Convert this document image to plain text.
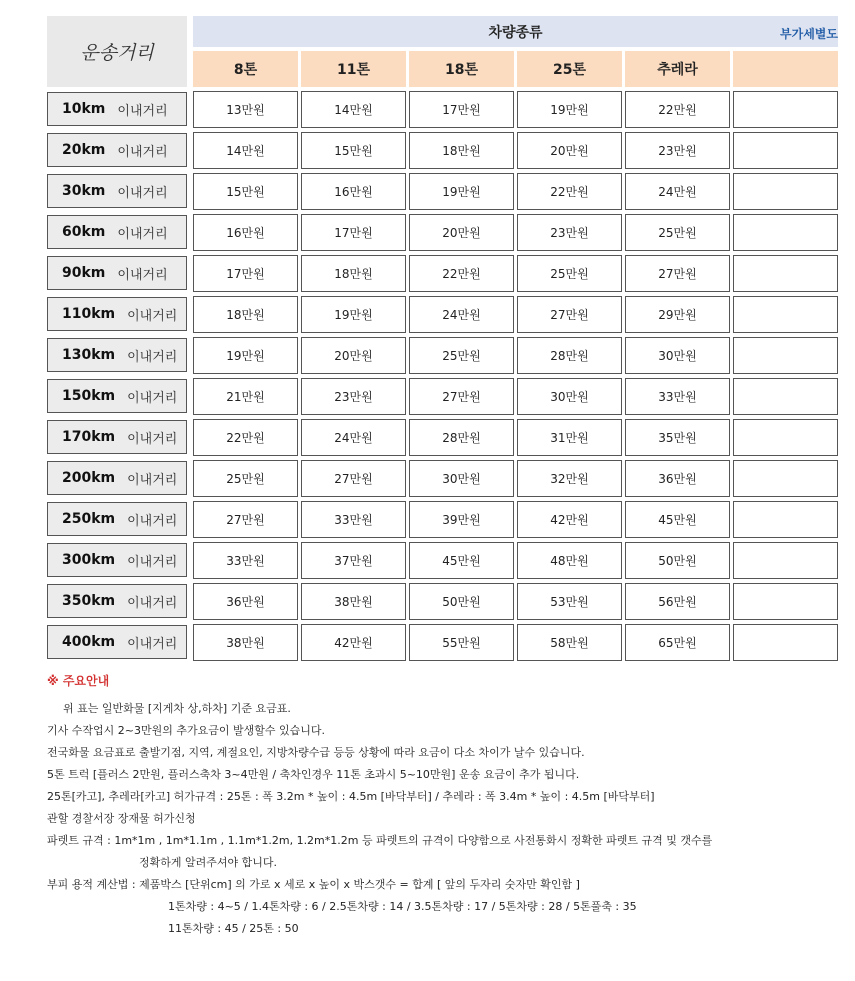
운송거리
차량종류	부가세별도
8톤	11톤	18톤	25톤	추레라
10km 이내거리	13만원	14만원	17만원	19만원	22만원
20km 이내거리	14만원	15만원	18만원	20만원	23만원
30km 이내거리	15만원	16만원	19만원	22만원	24만원
60km 이내거리	16만원	17만원	20만원	23만원	25만원
90km 이내거리	17만원	18만원	22만원	25만원	27만원
110km 이내거리	18만원	19만원	24만원	27만원	29만원
130km 이내거리	19만원	20만원	25만원	28만원	30만원
150km 이내거리	21만원	23만원	27만원	30만원	33만원
170km 이내거리	22만원	24만원	28만원	31만원	35만원
200km 이내거리	25만원	27만원	30만원	32만원	36만원
250km 이내거리	27만원	33만원	39만원	42만원	45만원
300km 이내거리	33만원	37만원	45만원	48만원	50만원
350km 이내거리	36만원	38만원	50만원	53만원	56만원
400km 이내거리	38만원	42만원	55만원	58만원	65만원
※ 주요안내
위 표는 일반화물 [지게차 상,하차] 기준 요금표.
기사 수작업시 2~3만원의 추가요금이 발생할수 있습니다.
전국화물 요금표로 출발기점, 지역, 계절요인, 지방차량수급 등등 상황에 따라 요금이 다소 차이가 날수 있습니다.
5톤 트럭 [플러스 2만원, 플러스축차 3~4만원 / 축차인경우 11톤 초과시 5~10만원] 운송 요금이 추가 됩니다.
25톤[카고], 추레라[카고] 허가규격 : 25톤 : 폭 3.2m * 높이 : 4.5m [바닥부터] / 추레라 : 폭 3.4m * 높이 : 4.5m [바닥부터]
관할 경찰서장 장재물 허가신청
파렛트 규격 : 1m*1m , 1m*1.1m , 1.1m*1.2m, 1.2m*1.2m 등 파렛트의 규격이 다양함으로 사전통화시 정확한 파렛트 규격 및 갯수를
정확하게 알려주셔야 합니다.
부피 용적 계산법 : 제품박스 [단위cm] 의 가로 x 세로 x 높이 x 박스갯수 = 합계 [ 앞의 두자리 숫자만 확인함 ]
1톤차량 : 4~5 / 1.4톤차량 : 6 / 2.5톤차량 : 14 / 3.5톤차량 : 17 / 5톤차량 : 28 / 5톤풀축 : 35
11톤차량 : 45 / 25톤 : 50
